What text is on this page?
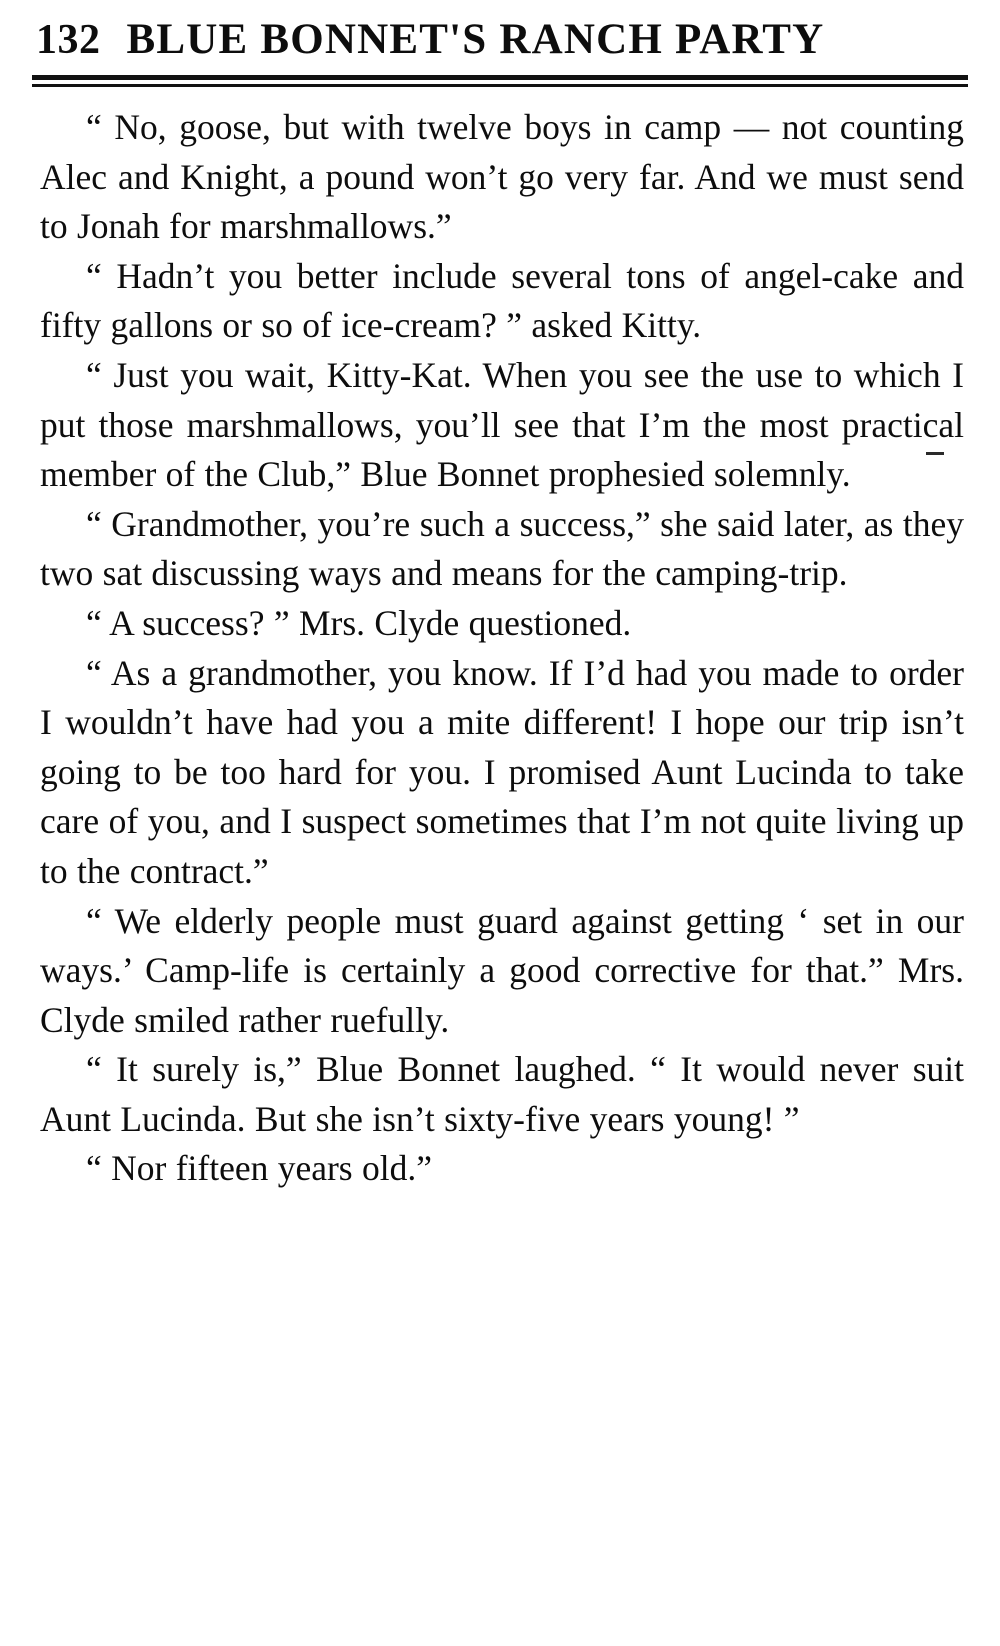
132 BLUE BONNET'S RANCH PARTY

“ No, goose, but with twelve boys in camp — not counting Alec and Knight, a pound won’t go very far. And we must send to Jonah for marshmallows.”

“ Hadn’t you better include several tons of angel-cake and fifty gallons or so of ice-cream? ” asked Kitty.

“ Just you wait, Kitty-Kat. When you see the use to which I put those marshmallows, you’ll see that I’m the most practical member of the Club,” Blue Bonnet prophesied solemnly.

“ Grandmother, you’re such a success,” she said later, as they two sat discussing ways and means for the camping-trip.

“ A success? ” Mrs. Clyde questioned.

“ As a grandmother, you know. If I’d had you made to order I wouldn’t have had you a mite different! I hope our trip isn’t going to be too hard for you. I promised Aunt Lucinda to take care of you, and I suspect sometimes that I’m not quite living up to the contract.”

“ We elderly people must guard against getting ‘ set in our ways.’ Camp-life is certainly a good corrective for that.” Mrs. Clyde smiled rather ruefully.

“ It surely is,” Blue Bonnet laughed. “ It would never suit Aunt Lucinda. But she isn’t sixty-five years young! ”

“ Nor fifteen years old.”
